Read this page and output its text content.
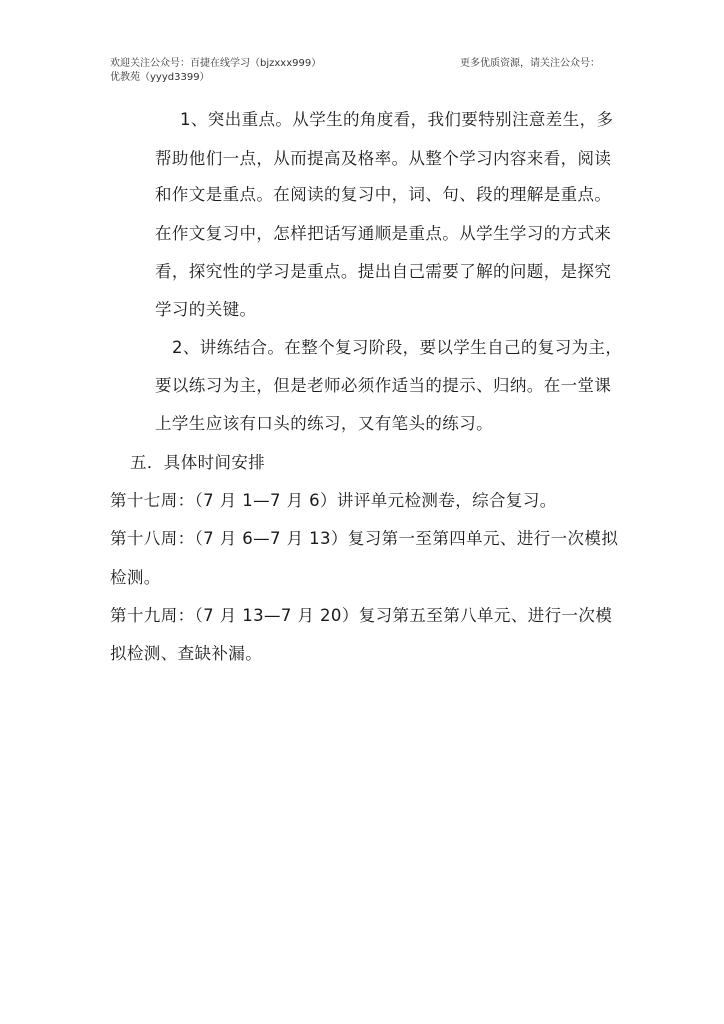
欢迎关注公众号：百捷在线学习（bjzxxx999）	更多优质资源，请关注公众号：
优教苑（yyyd3399）
1、突出重点。从学生的角度看，我们要特别注意差生，多
帮助他们一点，从而提高及格率。从整个学习内容来看，阅读
和作文是重点。在阅读的复习中，词、句、段的理解是重点。
在作文复习中，怎样把话写通顺是重点。从学生学习的方式来
看，探究性的学习是重点。提出自己需要了解的问题，是探究
学习的关键。
2、讲练结合。在整个复习阶段，要以学生自己的复习为主，
要以练习为主，但是老师必须作适当的提示、归纳。在一堂课
上学生应该有口头的练习，又有笔头的练习。
五．具体时间安排
第十七周：（7 月 1—7 月 6）讲评单元检测卷，综合复习。
第十八周：（7 月 6—7 月 13）复习第一至第四单元、进行一次模拟
检测。
第十九周：（7 月 13—7 月 20）复习第五至第八单元、进行一次模
拟检测、查缺补漏。
